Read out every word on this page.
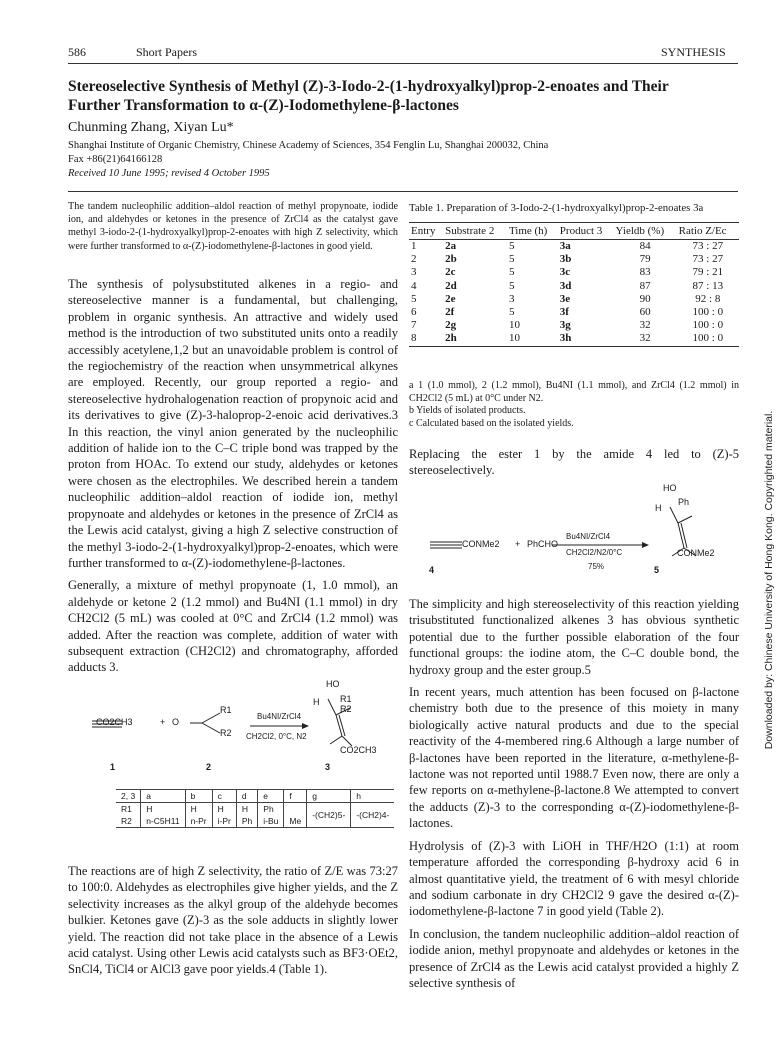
586	Short Papers	SYNTHESIS
Stereoselective Synthesis of Methyl (Z)-3-Iodo-2-(1-hydroxyalkyl)prop-2-enoates and Their
Further Transformation to α-(Z)-Iodomethylene-β-lactones
Chunming Zhang, Xiyan Lu*
Shanghai Institute of Organic Chemistry, Chinese Academy of Sciences, 354 Fenglin Lu, Shanghai 200032, China
Fax +86(21)64166128
Received 10 June 1995; revised 4 October 1995
The tandem nucleophilic addition–aldol reaction of methyl propynoate, iodide ion, and aldehydes or ketones in the presence of ZrCl4 as the catalyst gave methyl 3-iodo-2-(1-hydroxyalkyl)prop-2-enoates with high Z selectivity, which were further transformed to α-(Z)-iodomethylene-β-lactones in good yield.

The synthesis of polysubstituted alkenes in a regio- and stereoselective manner is a fundamental, but challenging, problem in organic synthesis. An attractive and widely used method is the introduction of two substituted units onto a readily accessibly acetylene,1,2 but an unavoidable problem is control of the regiochemistry of the reaction when unsymmetrical alkynes are employed. Recently, our group reported a regio- and stereoselective hydrohalogenation reaction of propynoic acid and its derivatives to give (Z)-3-haloprop-2-enoic acid derivatives.3 In this reaction, the vinyl anion generated by the nucleophilic addition of halide ion to the C–C triple bond was trapped by the proton from HOAc. To extend our study, aldehydes or ketones were chosen as the electrophiles. We described herein a tandem nucleophilic addition–aldol reaction of iodide ion, methyl propynoate and aldehydes or ketones in the presence of ZrCl4 as the Lewis acid catalyst, giving a high Z selective construction of the methyl 3-iodo-2-(1-hydroxyalkyl)prop-2-enoates, which were further transformed to α-(Z)-iodomethylene-β-lactones.

Generally, a mixture of methyl propynoate (1, 1.0 mmol), an aldehyde or ketone 2 (1.2 mmol) and Bu4NI (1.1 mmol) in dry CH2Cl2 (5 mL) was cooled at 0°C and ZrCl4 (1.2 mmol) was added. After the reaction was complete, addition of water with subsequent extraction (CH2Cl2) and chromatography, afforded adducts 3.

CO2CH3	+ O
R1
R2
Bu4NI/ZrCl4
CH2Cl2, 0°C, N2
HO
H R1
R2
CO2CH3
1	2	3
2, 3	a	b	c	d	e	f	g	h
R1	H	H	H	H	Ph		-(CH2)5-	-(CH2)4-
R2	n-C5H11	n-Pr	i-Pr	Ph	i-Bu	Me		
The reactions are of high Z selectivity, the ratio of Z/E was 73:27 to 100:0. Aldehydes as electrophiles give higher yields, and the Z selectivity increases as the alkyl group of the aldehyde becomes bulkier. Ketones gave (Z)-3 as the sole adducts in slightly lower yield. The reaction did not take place in the absence of a Lewis acid catalyst. Using other Lewis acid catalysts such as BF3·OEt2, SnCl4, TiCl4 or AlCl3 gave poor yields.4 (Table 1).
Table 1. Preparation of 3-Iodo-2-(1-hydroxyalkyl)prop-2-enoates 3a
Entry	Substrate 2	Time (h)	Product 3	Yieldb (%)	Ratio Z/Ec
1	2a	5	3a	84	73 : 27
2	2b	5	3b	79	73 : 27
3	2c	5	3c	83	79 : 21
4	2d	5	3d	87	87 : 13
5	2e	3	3e	90	92 : 8
6	2f	5	3f	60	100 : 0
7	2g	10	3g	32	100 : 0
8	2h	10	3h	32	100 : 0
a 1 (1.0 mmol), 2 (1.2 mmol), Bu4NI (1.1 mmol), and ZrCl4 (1.2 mmol) in CH2Cl2 (5 mL) at 0°C under N2.
b Yields of isolated products.
c Calculated based on the isolated yields.
Replacing the ester 1 by the amide 4 led to (Z)-5 stereoselectively.
CONMe2 + PhCHO
Bu4NI/ZrCl4
CH2Cl2/N2/0°C
75%
HO
Ph
H
CONMe2
4	5

The simplicity and high stereoselectivity of this reaction yielding trisubstituted functionalized alkenes 3 has obvious synthetic potential due to the further possible elaboration of the four functional groups: the iodine atom, the C–C double bond, the hydroxy group and the ester group.5

In recent years, much attention has been focused on β-lactone chemistry both due to the presence of this moiety in many biologically active natural products and due to the special reactivity of the 4-membered ring.6 Although a large number of β-lactones have been reported in the literature, α-methylene-β-lactone was not reported until 1988.7 Even now, there are only a few reports on α-methylene-β-lactone.8 We attempted to convert the adducts (Z)-3 to the corresponding α-(Z)-iodomethylene-β-lactones.

Hydrolysis of (Z)-3 with LiOH in THF/H2O (1:1) at room temperature afforded the corresponding β-hydroxy acid 6 in almost quantitative yield, the treatment of 6 with mesyl chloride and sodium carbonate in dry CH2Cl2 9 gave the desired α-(Z)-iodomethylene-β-lactone 7 in good yield (Table 2).

In conclusion, the tandem nucleophilic addition–aldol reaction of iodide anion, methyl propynoate and aldehydes or ketones in the presence of ZrCl4 as the Lewis acid catalyst provided a highly Z selective synthesis of

Downloaded by: Chinese University of Hong Kong. Copyrighted material.
